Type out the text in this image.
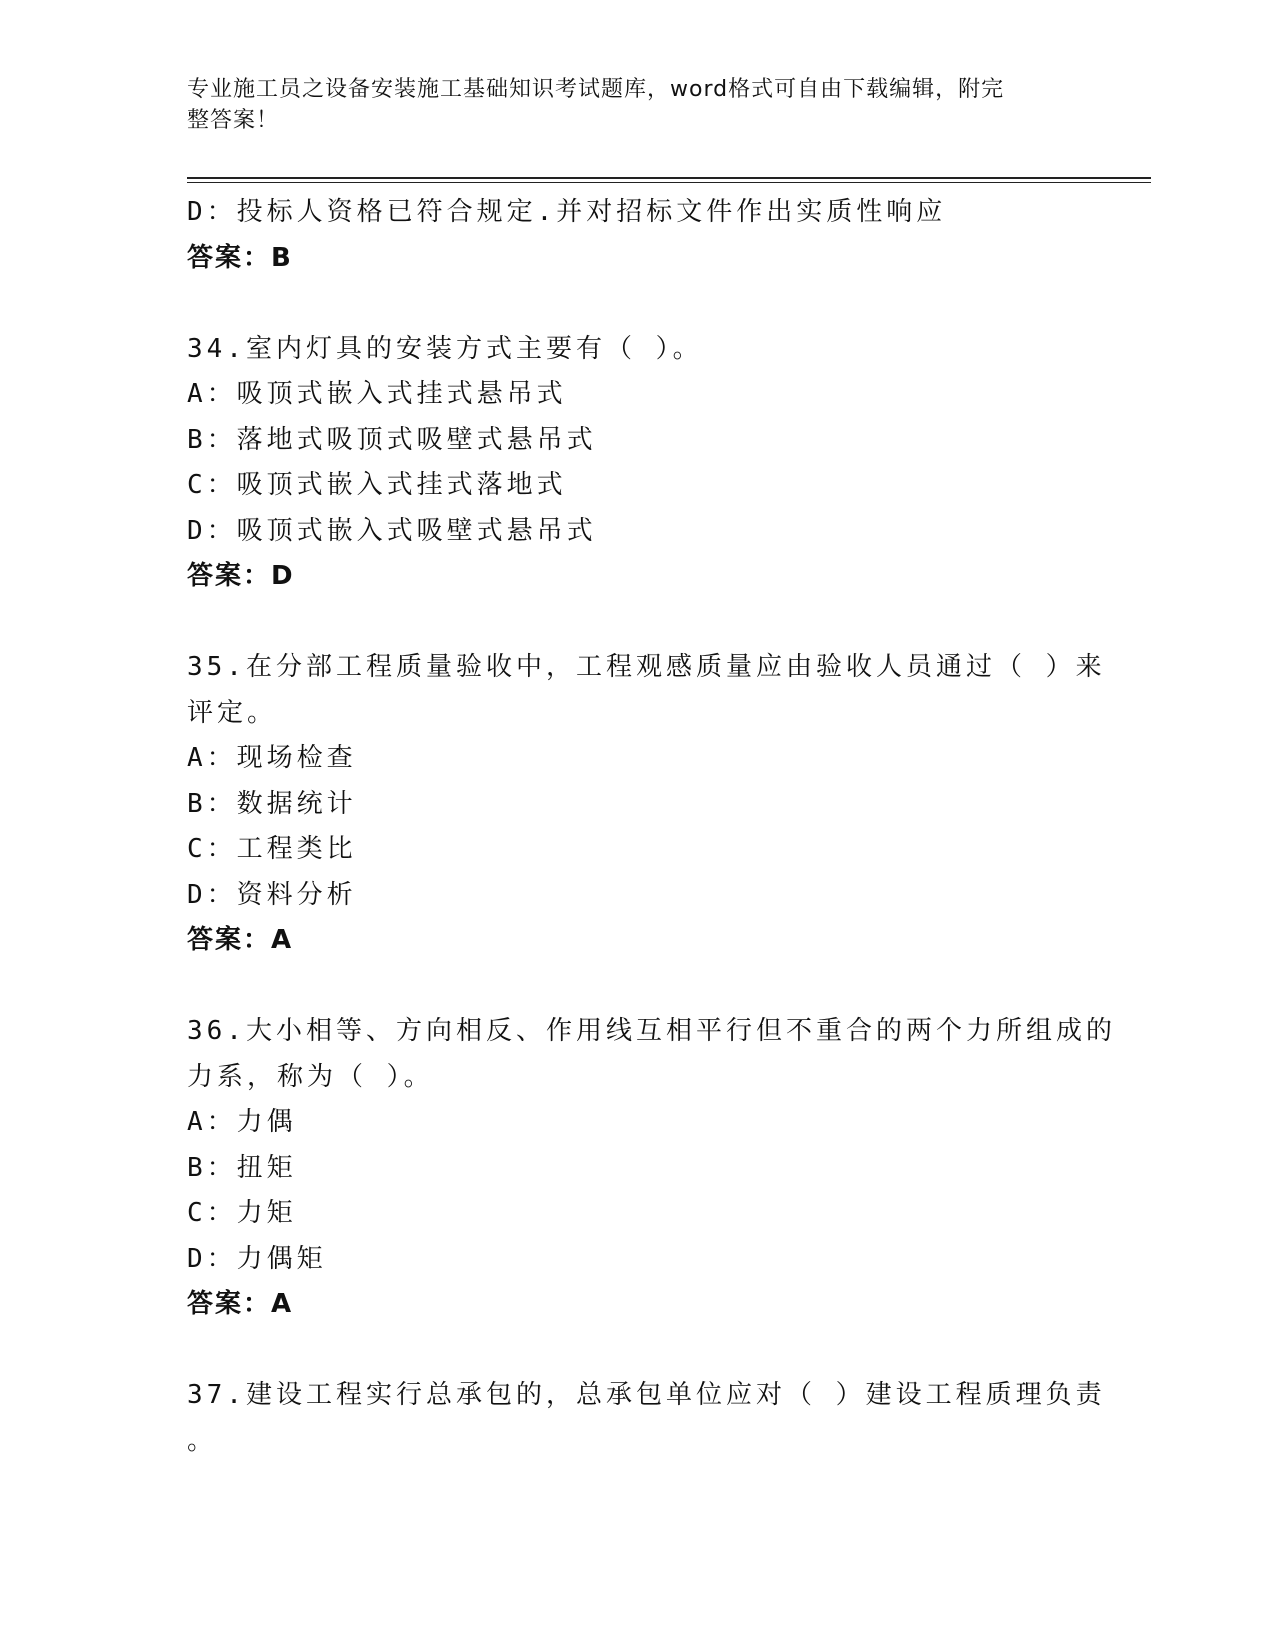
专业施工员之设备安装施工基础知识考试题库，word格式可自由下载编辑，附完
整答案！
D：投标人资格已符合规定.并对招标文件作出实质性响应
答案：B
34.室内灯具的安装方式主要有（ ）。
A：吸顶式嵌入式挂式悬吊式
B：落地式吸顶式吸壁式悬吊式
C：吸顶式嵌入式挂式落地式
D：吸顶式嵌入式吸壁式悬吊式
答案：D
35.在分部工程质量验收中，工程观感质量应由验收人员通过（ ）来
评定。
A：现场检查
B：数据统计
C：工程类比
D：资料分析
答案：A
36.大小相等、方向相反、作用线互相平行但不重合的两个力所组成的
力系，称为（ ）。
A：力偶
B：扭矩
C：力矩
D：力偶矩
答案：A
37.建设工程实行总承包的，总承包单位应对（ ）建设工程质理负责
。
